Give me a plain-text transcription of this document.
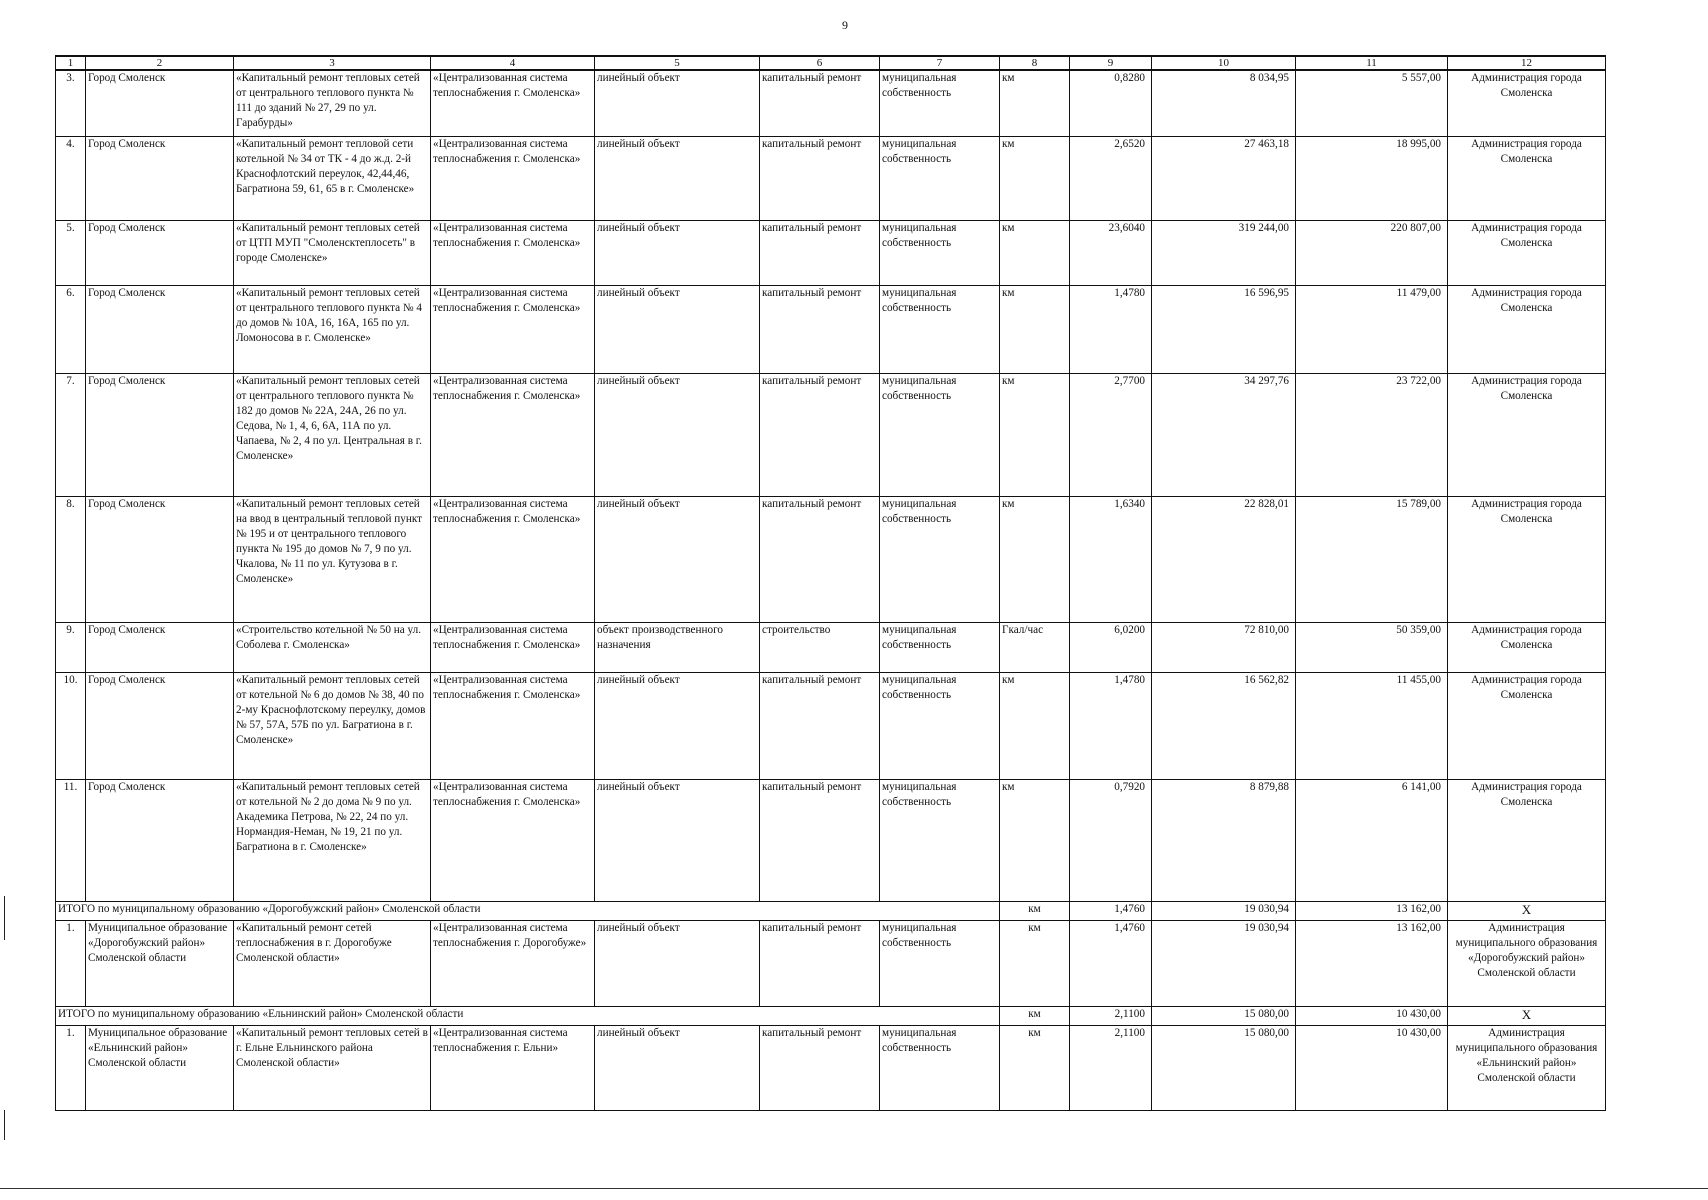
9
1	2	3	4	5	6	7	8	9	10	11	12
3.	Город Смоленск	«Капитальный ремонт тепловых сетей от центрального теплового пункта № 111 до зданий № 27, 29 по ул. Гарабурды»	«Централизованная система теплоснабжения г. Смоленска»	линейный объект	капитальный ремонт	муниципальная собственность	км	0,8280	8 034,95	5 557,00	Администрация города Смоленска
4.	Город Смоленск	«Капитальный ремонт тепловой сети котельной № 34 от ТК - 4 до ж.д. 2-й Краснофлотский переулок, 42,44,46, Багратиона 59, 61, 65 в г. Смоленске»	«Централизованная система теплоснабжения г. Смоленска»	линейный объект	капитальный ремонт	муниципальная собственность	км	2,6520	27 463,18	18 995,00	Администрация города Смоленска
5.	Город Смоленск	«Капитальный ремонт тепловых сетей от ЦТП МУП "Смоленсктеплосеть" в городе Смоленске»	«Централизованная система теплоснабжения г. Смоленска»	линейный объект	капитальный ремонт	муниципальная собственность	км	23,6040	319 244,00	220 807,00	Администрация города Смоленска
6.	Город Смоленск	«Капитальный ремонт тепловых сетей от центрального теплового пункта № 4 до домов № 10А, 16, 16А, 165 по ул. Ломоносова в г. Смоленске»	«Централизованная система теплоснабжения г. Смоленска»	линейный объект	капитальный ремонт	муниципальная собственность	км	1,4780	16 596,95	11 479,00	Администрация города Смоленска
7.	Город Смоленск	«Капитальный ремонт тепловых сетей от центрального теплового пункта № 182 до домов № 22А, 24А, 26 по ул. Седова, № 1, 4, 6, 6А, 11А по ул. Чапаева, № 2, 4 по ул. Центральная в г. Смоленске»	«Централизованная система теплоснабжения г. Смоленска»	линейный объект	капитальный ремонт	муниципальная собственность	км	2,7700	34 297,76	23 722,00	Администрация города Смоленска
8.	Город Смоленск	«Капитальный ремонт тепловых сетей на ввод в центральный тепловой пункт № 195 и от центрального теплового пункта № 195 до домов № 7, 9 по ул. Чкалова, № 11 по ул. Кутузова в г. Смоленске»	«Централизованная система теплоснабжения г. Смоленска»	линейный объект	капитальный ремонт	муниципальная собственность	км	1,6340	22 828,01	15 789,00	Администрация города Смоленска
9.	Город Смоленск	«Строительство котельной № 50 на ул. Соболева г. Смоленска»	«Централизованная система теплоснабжения г. Смоленска»	объект производственного назначения	строительство	муниципальная собственность	Гкал/час	6,0200	72 810,00	50 359,00	Администрация города Смоленска
10.	Город Смоленск	«Капитальный ремонт тепловых сетей от котельной № 6 до домов № 38, 40 по 2-му Краснофлотскому переулку, домов № 57, 57А, 57Б по ул. Багратиона в г. Смоленске»	«Централизованная система теплоснабжения г. Смоленска»	линейный объект	капитальный ремонт	муниципальная собственность	км	1,4780	16 562,82	11 455,00	Администрация города Смоленска
11.	Город Смоленск	«Капитальный ремонт тепловых сетей от котельной № 2 до дома № 9 по ул. Академика Петрова, № 22, 24 по ул. Нормандия-Неман, № 19, 21 по ул. Багратиона в г. Смоленске»	«Централизованная система теплоснабжения г. Смоленска»	линейный объект	капитальный ремонт	муниципальная собственность	км	0,7920	8 879,88	6 141,00	Администрация города Смоленска
ИТОГО по муниципальному образованию «Дорогобужский район» Смоленской области							км	1,4760	19 030,94	13 162,00	Х
1.	Муниципальное образование «Дорогобужский район» Смоленской области	«Капитальный ремонт сетей теплоснабжения в г. Дорогобуже Смоленской области»	«Централизованная система теплоснабжения г. Дорогобуже»	линейный объект	капитальный ремонт	муниципальная собственность	км	1,4760	19 030,94	13 162,00	Администрация муниципального образования «Дорогобужский район» Смоленской области
ИТОГО по муниципальному образованию «Ельнинский район» Смоленской области							км	2,1100	15 080,00	10 430,00	Х
1.	Муниципальное образование «Ельнинский район» Смоленской области	«Капитальный ремонт тепловых сетей в г. Ельне Ельнинского района Смоленской области»	«Централизованная система теплоснабжения г. Ельни»	линейный объект	капитальный ремонт	муниципальная собственность	км	2,1100	15 080,00	10 430,00	Администрация муниципального образования «Ельнинский район» Смоленской области
